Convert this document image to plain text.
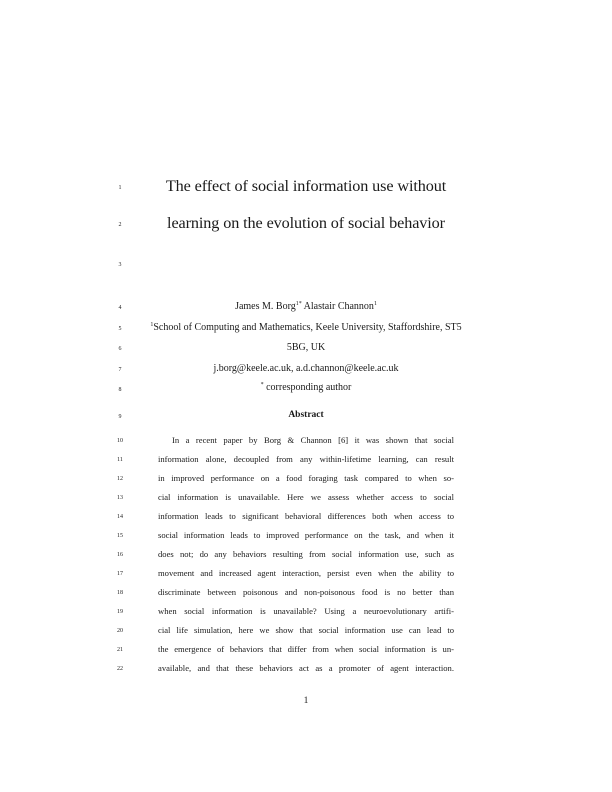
1
2
3
4
5
6
7
8
9
10
11
12
13
14
15
16
17
18
19
20
21
22
The effect of social information use without
learning on the evolution of social behavior
James M. Borg$^{1*}$ Alastair Channon$^1$
$^1$School of Computing and Mathematics, Keele University, Staffordshire, ST5
5BG, UK
j.borg@keele.ac.uk, a.d.channon@keele.ac.uk
* corresponding author
Abstract
In a recent paper by Borg & Channon [6] it was shown that social
information alone, decoupled from any within-lifetime learning, can result
in improved performance on a food foraging task compared to when so-
cial information is unavailable. Here we assess whether access to social
information leads to significant behavioral differences both when access to
social information leads to improved performance on the task, and when it
does not; do any behaviors resulting from social information use, such as
movement and increased agent interaction, persist even when the ability to
discriminate between poisonous and non-poisonous food is no better than
when social information is unavailable? Using a neuroevolutionary artifi-
cial life simulation, here we show that social information use can lead to
the emergence of behaviors that differ from when social information is un-
available, and that these behaviors act as a promoter of agent interaction.
1
